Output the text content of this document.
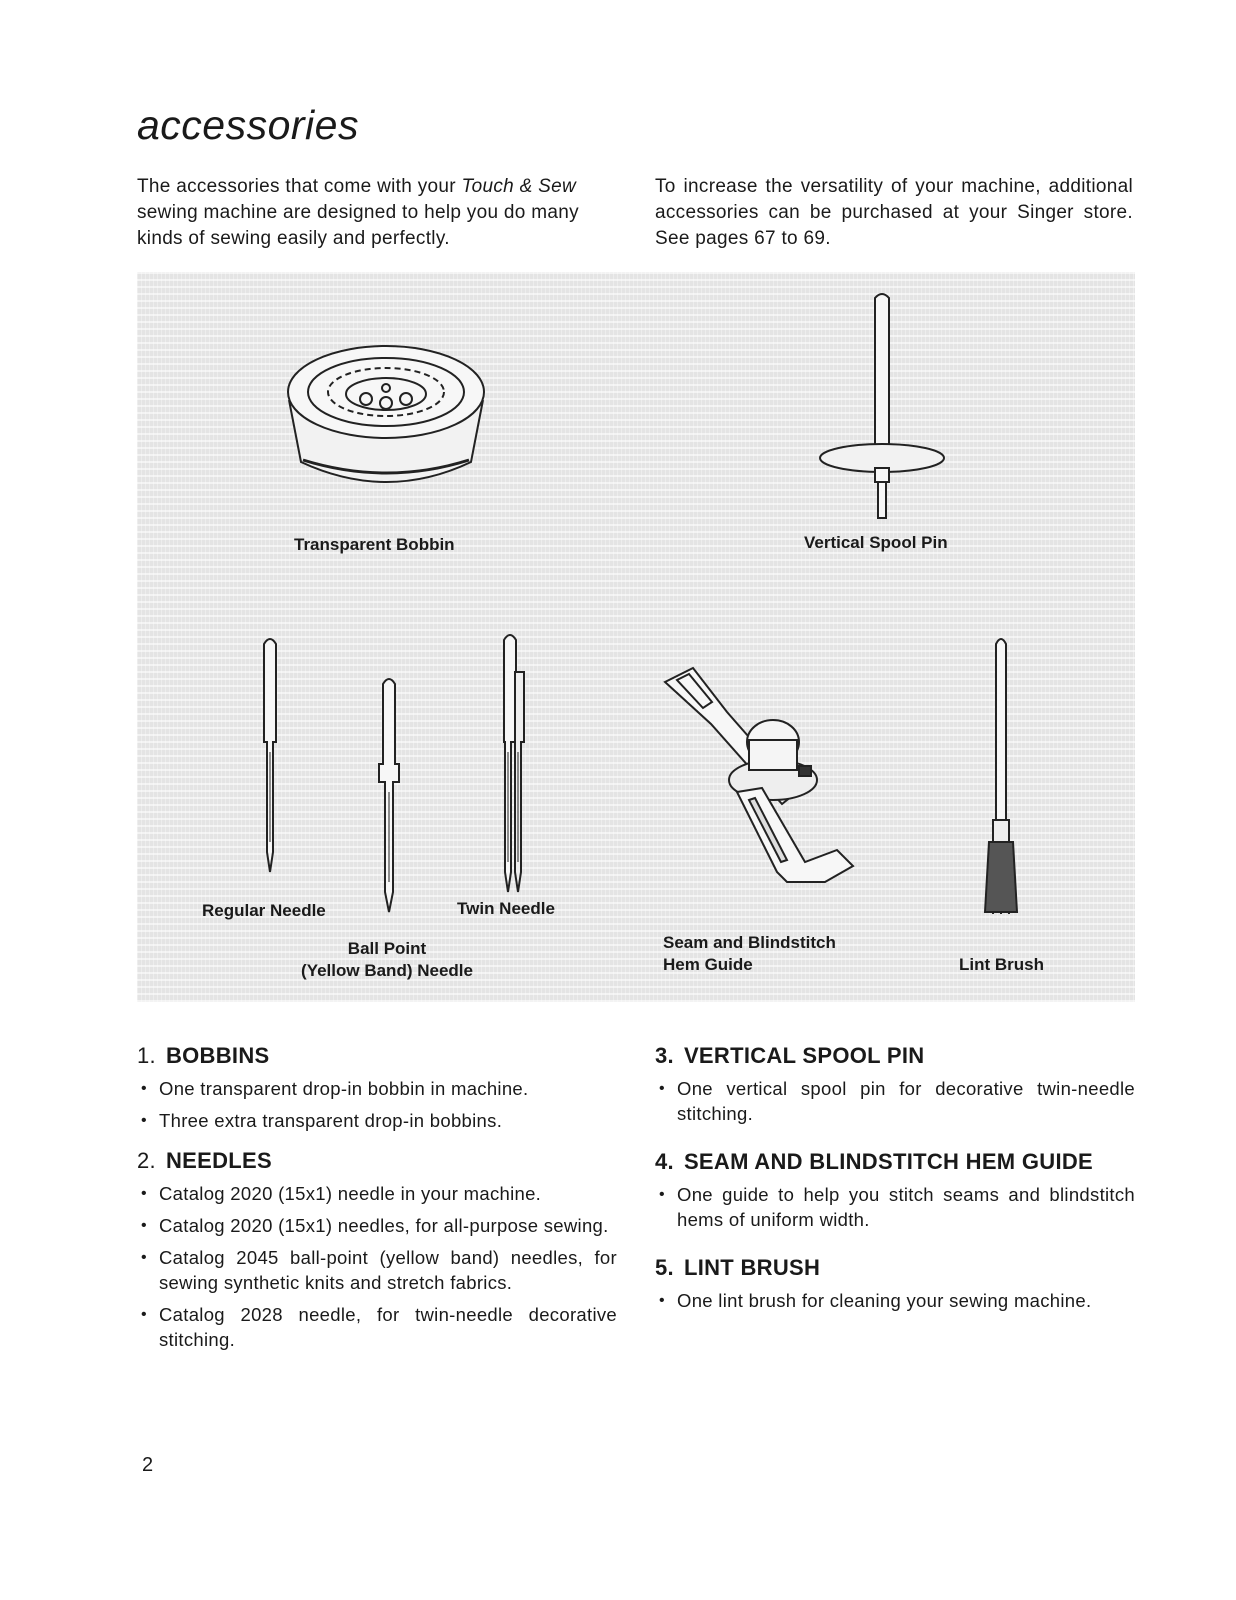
accessories

The accessories that come with your Touch & Sew sewing machine are designed to help you do many kinds of sewing easily and perfectly.

To increase the versatility of your machine, additional accessories can be purchased at your Singer store. See pages 67 to 69.

Transparent Bobbin	Vertical Spool Pin
Regular Needle	Twin Needle
Ball Point
(Yellow Band) Needle
Seam and Blindstitch
Hem Guide	Lint Brush
1. BOBBINS
• One transparent drop-in bobbin in machine.
• Three extra transparent drop-in bobbins.
2. NEEDLES
• Catalog 2020 (15x1) needle in your machine.
• Catalog 2020 (15x1) needles, for all-purpose sewing.
• Catalog 2045 ball-point (yellow band) needles, for sewing synthetic knits and stretch fabrics.
• Catalog 2028 needle, for twin-needle decorative stitching.
3. VERTICAL SPOOL PIN
• One vertical spool pin for decorative twin-needle stitching.
4. SEAM AND BLINDSTITCH HEM GUIDE
• One guide to help you stitch seams and blindstitch hems of uniform width.
5. LINT BRUSH
• One lint brush for cleaning your sewing machine.
2
